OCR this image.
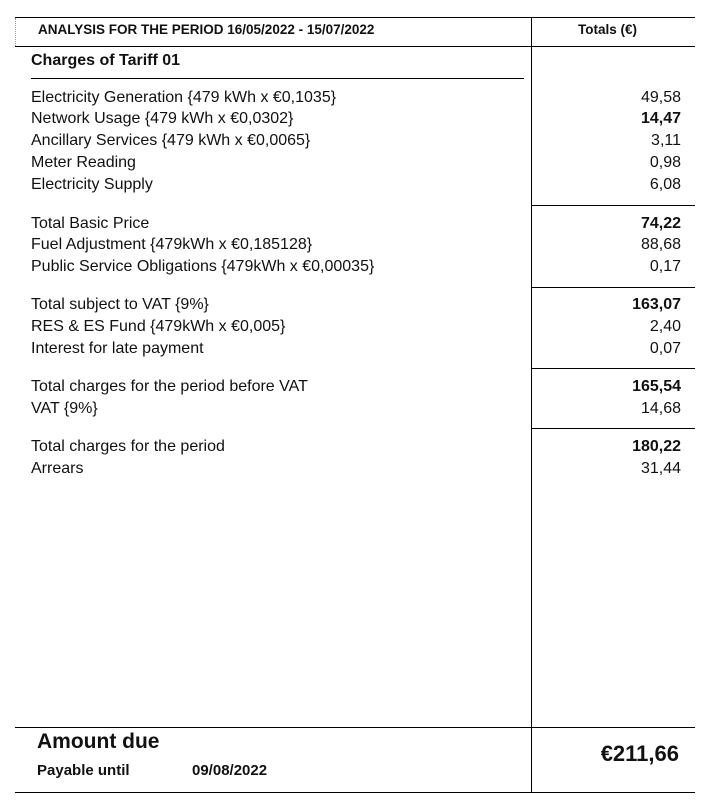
ANALYSIS FOR THE PERIOD 16/05/2022 - 15/07/2022	Totals (€)
Charges of Tariff 01
Electricity Generation {479 kWh x €0,1035}	49,58
Network Usage {479 kWh x €0,0302}	14,47
Ancillary Services {479 kWh x €0,0065}	3,11
Meter Reading	0,98
Electricity Supply	6,08
Total Basic Price	74,22
Fuel Adjustment {479kWh x €0,185128}	88,68
Public Service Obligations {479kWh x €0,00035}	0,17
Total subject to VAT {9%}	163,07
RES & ES Fund {479kWh x €0,005}	2,40
Interest for late payment	0,07
Total charges for the period before VAT	165,54
VAT {9%}	14,68
Total charges for the period	180,22
Arrears	31,44
Amount due
Payable until	09/08/2022
€211,66
